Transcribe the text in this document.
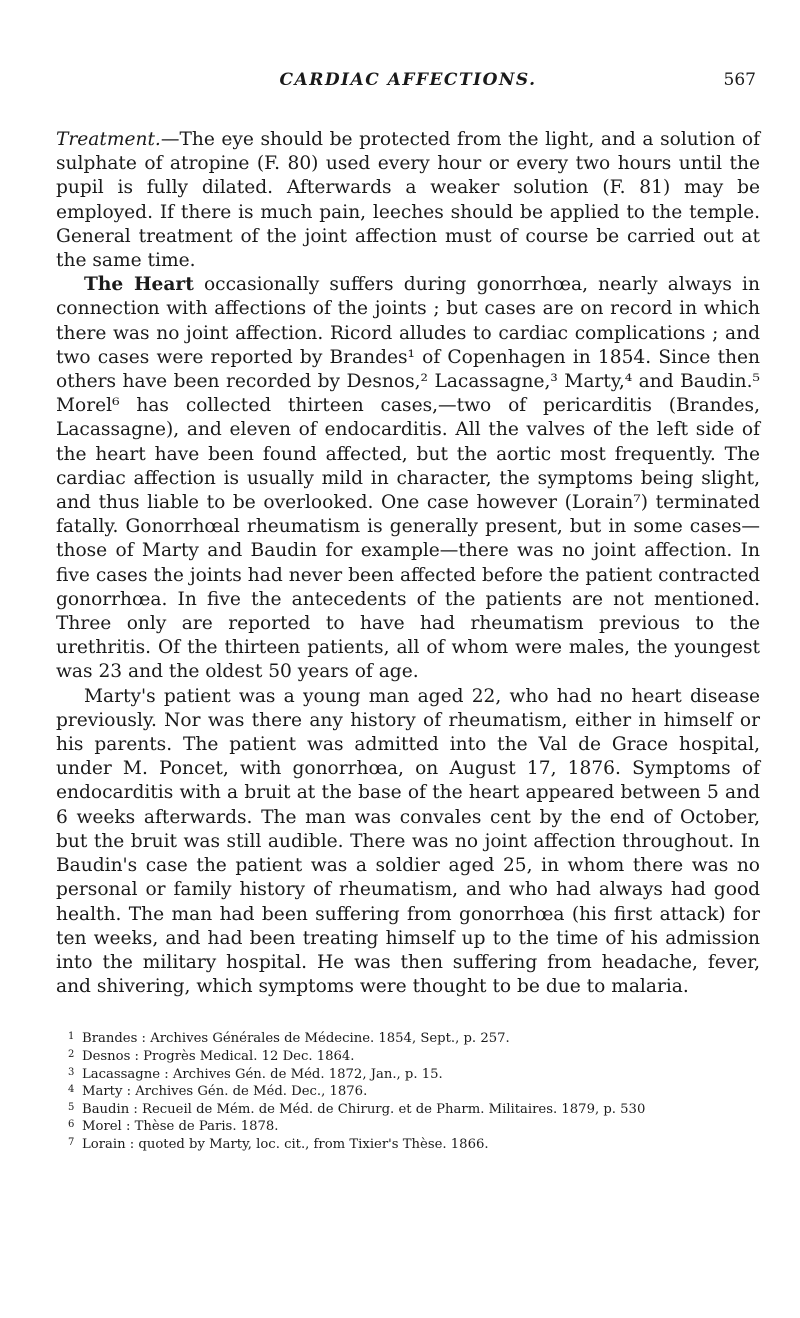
CARDIAC AFFECTIONS.	567

Treatment.—The eye should be protected from the light, and a solution of sulphate of atropine (F. 80) used every hour or every two hours until the pupil is fully dilated. Afterwards a weaker solution (F. 81) may be employed. If there is much pain, leeches should be applied to the temple. General treatment of the joint affection must of course be carried out at the same time.

The Heart occasionally suffers during gonorrhœa, nearly always in connection with affections of the joints ; but cases are on record in which there was no joint affection. Ricord alludes to cardiac complications ; and two cases were reported by Brandes¹ of Copenhagen in 1854. Since then others have been recorded by Desnos,² Lacassagne,³ Marty,⁴ and Baudin.⁵ Morel⁶ has collected thirteen cases,—two of pericarditis (Brandes, Lacassagne), and eleven of endocarditis. All the valves of the left side of the heart have been found affected, but the aortic most frequently. The cardiac affection is usually mild in character, the symptoms being slight, and thus liable to be overlooked. One case however (Lorain⁷) terminated fatally. Gonorrhœal rheumatism is generally present, but in some cases—those of Marty and Baudin for example—there was no joint affection. In five cases the joints had never been affected before the patient contracted gonorrhœa. In five the antecedents of the patients are not mentioned. Three only are reported to have had rheumatism previous to the urethritis. Of the thirteen patients, all of whom were males, the youngest was 23 and the oldest 50 years of age.

Marty's patient was a young man aged 22, who had no heart disease previously. Nor was there any history of rheumatism, either in himself or his parents. The patient was admitted into the Val de Grace hospital, under M. Poncet, with gonorrhœa, on August 17, 1876. Symptoms of endocarditis with a bruit at the base of the heart appeared between 5 and 6 weeks afterwards. The man was convales cent by the end of October, but the bruit was still audible. There was no joint affection throughout. In Baudin's case the patient was a soldier aged 25, in whom there was no personal or family history of rheumatism, and who had always had good health. The man had been suffering from gonorrhœa (his first attack) for ten weeks, and had been treating himself up to the time of his admission into the military hospital. He was then suffering from headache, fever, and shivering, which symptoms were thought to be due to malaria.

1 Brandes : Archives Générales de Médecine. 1854, Sept., p. 257.
2 Desnos : Progrès Medical. 12 Dec. 1864.
3 Lacassagne : Archives Gén. de Méd. 1872, Jan., p. 15.
4 Marty : Archives Gén. de Méd. Dec., 1876.
5 Baudin : Recueil de Mém. de Méd. de Chirurg. et de Pharm. Militaires. 1879, p. 530
6 Morel : Thèse de Paris. 1878.
7 Lorain : quoted by Marty, loc. cit., from Tixier's Thèse. 1866.
